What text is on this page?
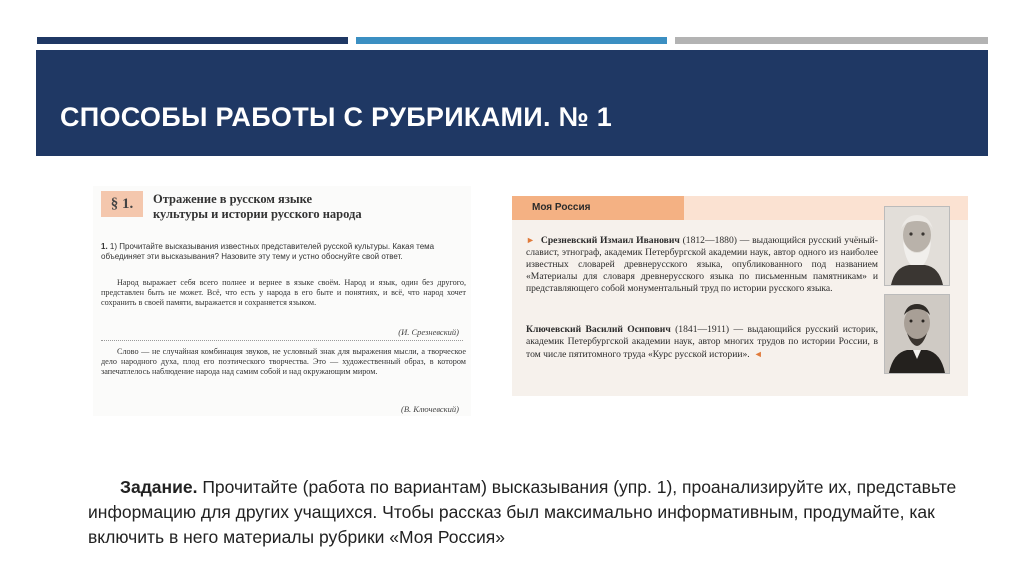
СПОСОБЫ РАБОТЫ С РУБРИКАМИ. № 1
§ 1.	Отражение в русском языке
культуры и истории русского народа
1. 1) Прочитайте высказывания известных представителей русской культуры. Какая тема объединяет эти высказывания? Назовите эту тему и устно обоснуйте свой ответ.
Народ выражает себя всего полнее и вернее в языке своём. Народ и язык, один без другого, представлен быть не может. Всё, что есть у народа в его быте и понятиях, и всё, что народ хочет сохранить в своей памяти, выражается и сохраняется языком.
(И. Срезневский)
Слово — не случайная комбинация звуков, не условный знак для выражения мысли, а творческое дело народного духа, плод его поэтического творчества. Это — художественный образ, в котором запечатлелось наблюдение народа над самим собой и над окружающим миром.
(В. Ключевский)
Моя Россия
► Срезневский Измаил Иванович (1812—1880) — выдающийся русский учёный-славист, этнограф, академик Петербургской академии наук, автор одного из наиболее известных словарей древнерусского языка, опубликованного под названием «Материалы для словаря древнерусского языка по письменным памятникам» и представляющего собой монументальный труд по истории русского языка.
Ключевский Василий Осипович (1841—1911) — выдающийся русский историк, академик Петербургской академии наук, автор многих трудов по истории России, в том числе пятитомного труда «Курс русской истории». ◄
Задание. Прочитайте (работа по вариантам) высказывания (упр. 1), проанализируйте их, представьте информацию для других учащихся. Чтобы рассказ был максимально информативным, продумайте, как включить в него материалы рубрики «Моя Россия»
